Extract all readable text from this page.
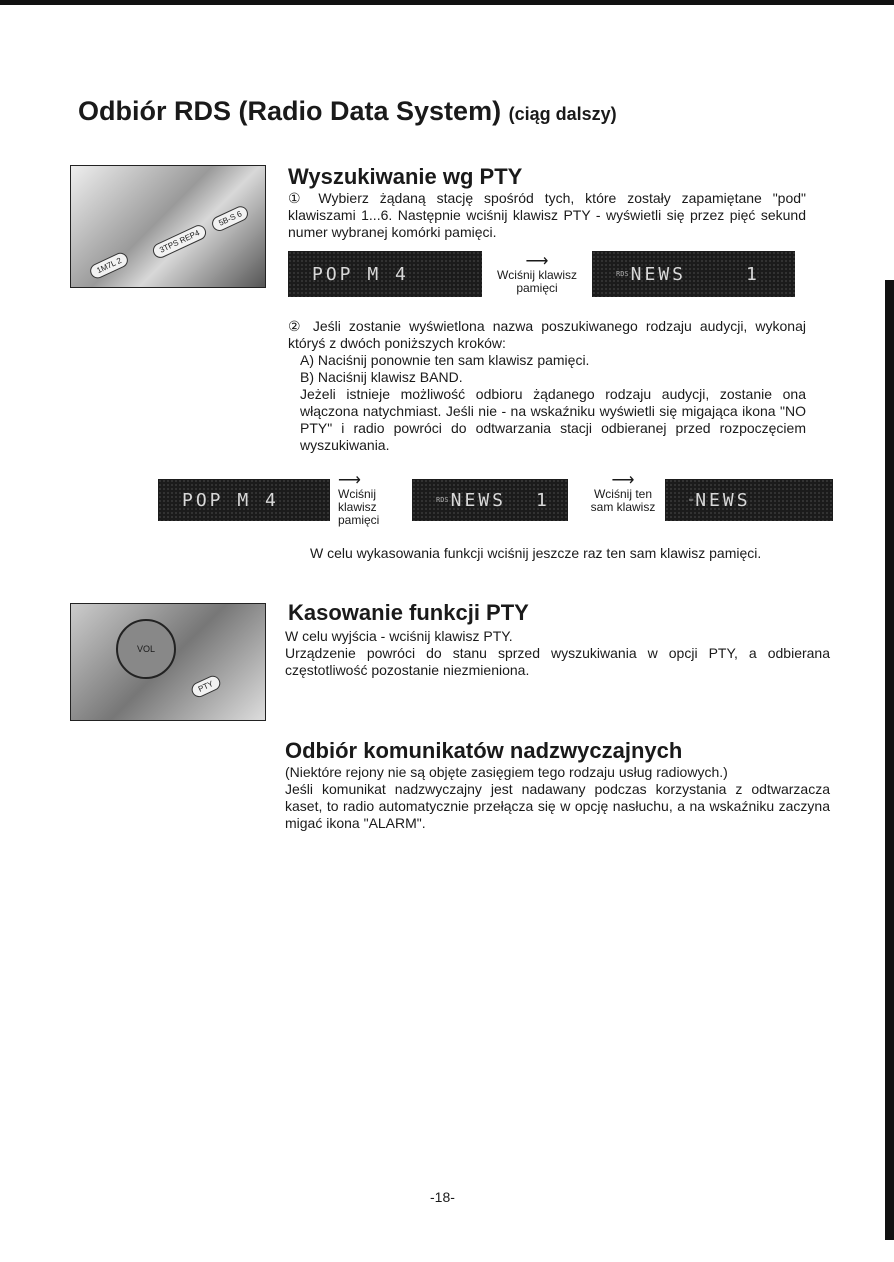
Odbiór RDS (Radio Data System) (ciąg dalszy)
1M7L 2
3TPS REP4
5B-S 6
Wyszukiwanie wg PTY

① Wybierz żądaną stację spośród tych, które zostały zapamiętane "pod" klawiszami 1...6. Następnie wciśnij klawisz PTY - wyświetli się przez pięć sekund numer wybranej komórki pamięci.

POP M 4
⟶
Wciśnij klawisz pamięci
RDS NEWS	1

② Jeśli zostanie wyświetlona nazwa poszukiwanego rodzaju audycji, wykonaj któryś z dwóch poniższych kroków:

A) Naciśnij ponownie ten sam klawisz pamięci.

B) Naciśnij klawisz BAND.

Jeżeli istnieje możliwość odbioru żądanego rodzaju audycji, zostanie ona włączona natychmiast. Jeśli nie - na wskaźniku wyświetli się migająca ikona "NO PTY" i radio powróci do odtwarzania stacji odbieranej przed rozpoczęciem wyszukiwania.

POP M 4
⟶
Wciśnij klawisz pamięci
RDS NEWS 1
⟶
Wciśnij ten sam klawisz	═ NEWS

W celu wykasowania funkcji wciśnij jeszcze raz ten sam klawisz pamięci.

VOL
PTY
Kasowanie funkcji PTY

W celu wyjścia - wciśnij klawisz PTY.

Urządzenie powróci do stanu sprzed wyszukiwania w opcji PTY, a odbierana częstotliwość pozostanie niezmieniona.

Odbiór komunikatów nadzwyczajnych

(Niektóre rejony nie są objęte zasięgiem tego rodzaju usług radiowych.)

Jeśli komunikat nadzwyczajny jest nadawany podczas korzystania z odtwarzacza kaset, to radio automatycznie przełącza się w opcję nasłuchu, a na wskaźniku zaczyna migać ikona "ALARM".

-18-
